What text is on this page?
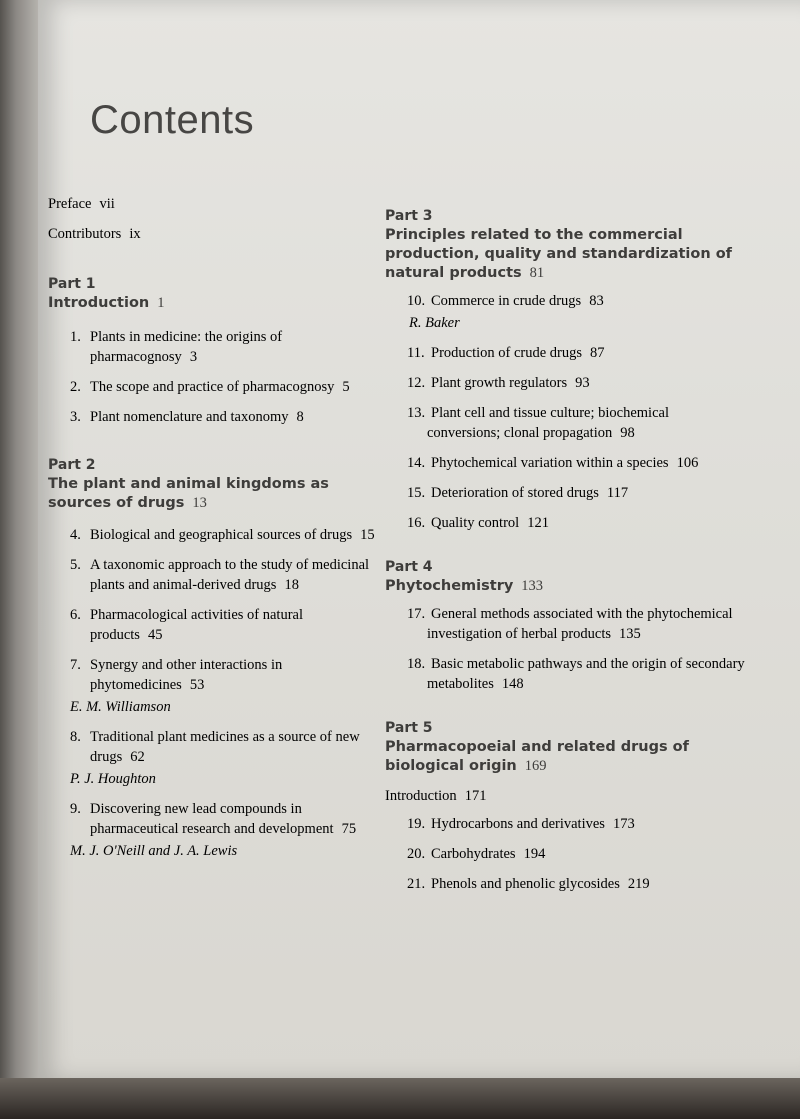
Contents
Preface vii
Contributors ix
Part 1
Introduction 1
1. Plants in medicine: the origins of pharmacognosy 3
2. The scope and practice of pharmacognosy 5
3. Plant nomenclature and taxonomy 8
Part 2
The plant and animal kingdoms as sources of drugs 13
4. Biological and geographical sources of drugs 15
5. A taxonomic approach to the study of medicinal plants and animal-derived drugs 18
6. Pharmacological activities of natural products 45
7. Synergy and other interactions in phytomedicines 53
E. M. Williamson
8. Traditional plant medicines as a source of new drugs 62
P. J. Houghton
9. Discovering new lead compounds in pharmaceutical research and development 75
M. J. O'Neill and J. A. Lewis
Part 3
Principles related to the commercial production, quality and standardization of natural products 81
10. Commerce in crude drugs 83
R. Baker
11. Production of crude drugs 87
12. Plant growth regulators 93
13. Plant cell and tissue culture; biochemical conversions; clonal propagation 98
14. Phytochemical variation within a species 106
15. Deterioration of stored drugs 117
16. Quality control 121
Part 4
Phytochemistry 133
17. General methods associated with the phytochemical investigation of herbal products 135
18. Basic metabolic pathways and the origin of secondary metabolites 148
Part 5
Pharmacopoeial and related drugs of biological origin 169
Introduction 171
19. Hydrocarbons and derivatives 173
20. Carbohydrates 194
21. Phenols and phenolic glycosides 219
